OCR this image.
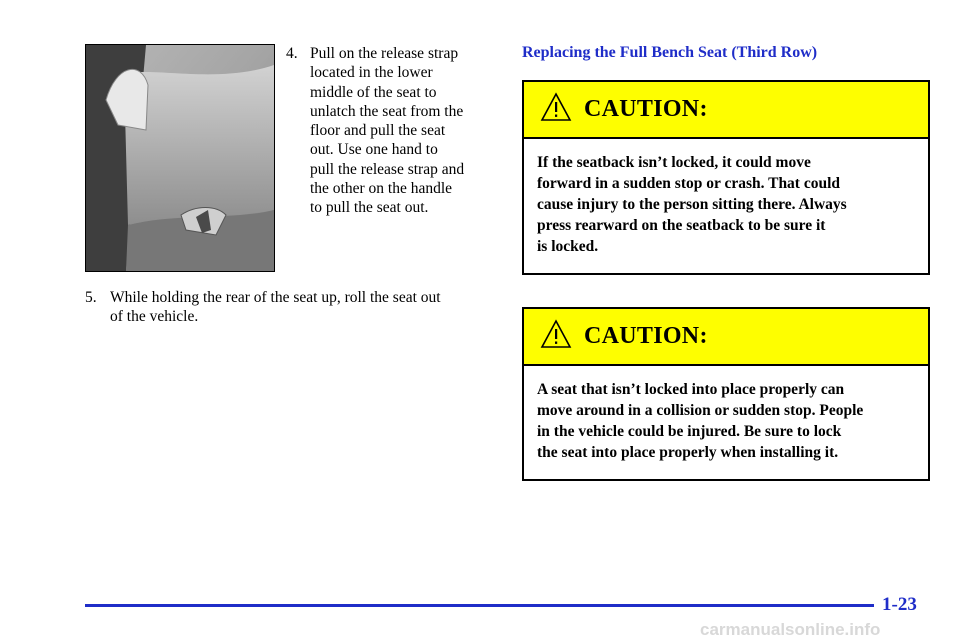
4. Pull on the release strap
located in the lower
middle of the seat to
unlatch the seat from the
floor and pull the seat
out. Use one hand to
pull the release strap and
the other on the handle
to pull the seat out.
5. While holding the rear of the seat up, roll the seat out
of the vehicle.
Replacing the Full Bench Seat (Third Row)
CAUTION:
If the seatback isn’t locked, it could move
forward in a sudden stop or crash. That could
cause injury to the person sitting there. Always
press rearward on the seatback to be sure it
is locked.
CAUTION:
A seat that isn’t locked into place properly can
move around in a collision or sudden stop. People
in the vehicle could be injured. Be sure to lock
the seat into place properly when installing it.
1-23
carmanualsonline.info
